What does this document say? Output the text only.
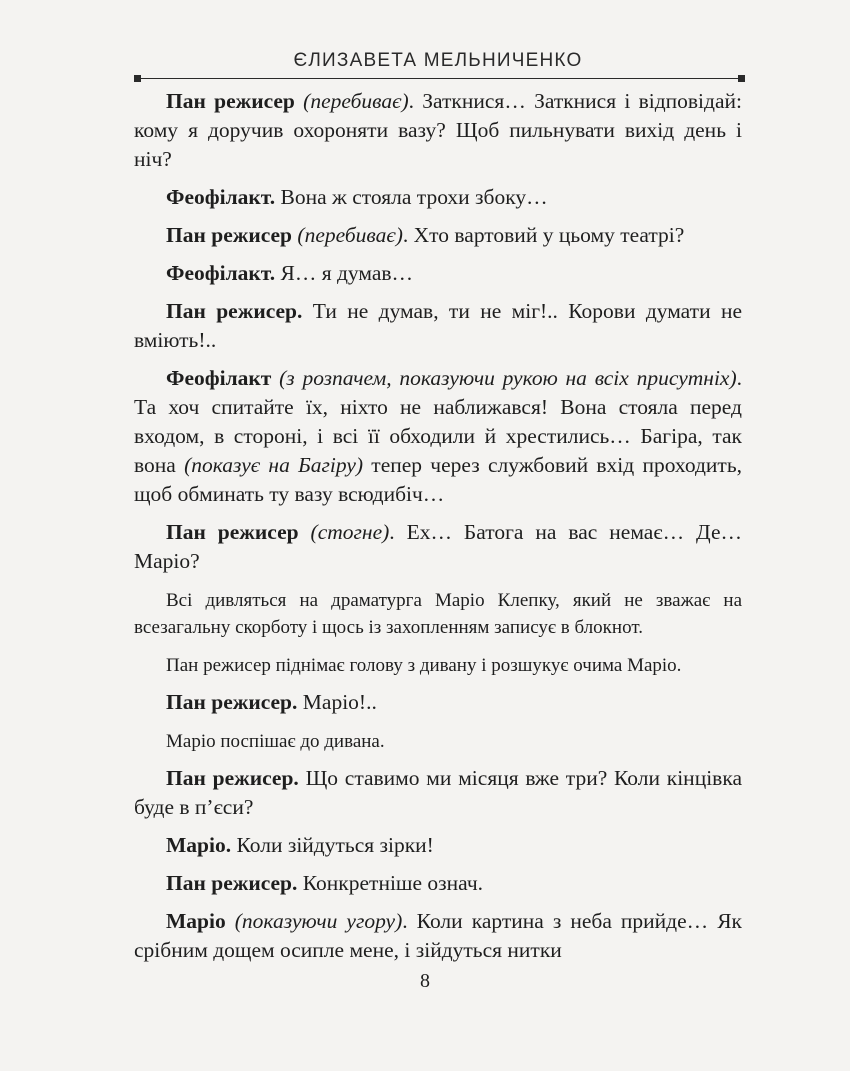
ЄЛИЗАВЕТА МЕЛЬНИЧЕНКО

Пан режисер (перебиває). Заткнися… Заткнися і відповідай: кому я доручив охороняти вазу? Щоб пильнувати вихід день і ніч?

Феофілакт. Вона ж стояла трохи збоку…

Пан режисер (перебиває). Хто вартовий у цьому театрі?

Феофілакт. Я… я думав…

Пан режисер. Ти не думав, ти не міг!.. Корови думати не вміють!..

Феофілакт (з розпачем, показуючи рукою на всіх присутніх). Та хоч спитайте їх, ніхто не наближався! Вона стояла перед входом, в стороні, і всі її обходили й хрестились… Багіра, так вона (показує на Багіру) тепер через службовий вхід проходить, щоб обминать ту вазу всюдибіч…

Пан режисер (стогне). Ех… Батога на вас немає… Де… Маріо?

Всі дивляться на драматурга Маріо Клепку, який не зважає на всезагальну скорботу і щось із захопленням записує в блокнот.

Пан режисер піднімає голову з дивану і розшукує очима Маріо.

Пан режисер. Маріо!..

Маріо поспішає до дивана.

Пан режисер. Що ставимо ми місяця вже три? Коли кінцівка буде в п’єси?

Маріо. Коли зійдуться зірки!

Пан режисер. Конкретніше означ.

Маріо (показуючи угору). Коли картина з неба прийде… Як срібним дощем осипле мене, і зійдуться нитки

8
